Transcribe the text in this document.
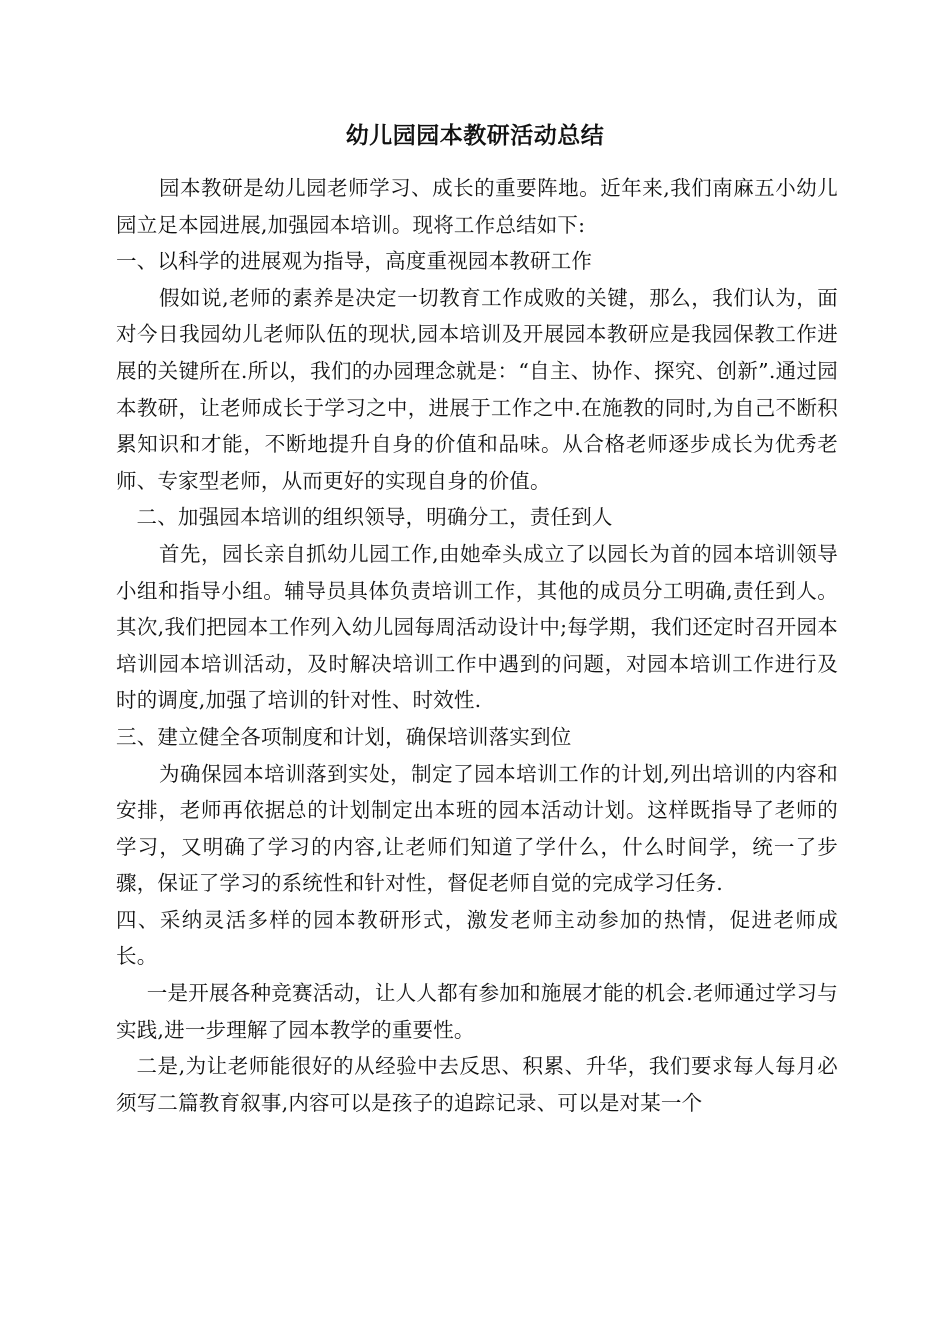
幼儿园园本教研活动总结

园本教研是幼儿园老师学习、成长的重要阵地。近年来,我们南麻五小幼儿园立足本园进展,加强园本培训。现将工作总结如下:

一、以科学的进展观为指导，高度重视园本教研工作

假如说,老师的素养是决定一切教育工作成败的关键，那么，我们认为，面对今日我园幼儿老师队伍的现状,园本培训及开展园本教研应是我园保教工作进展的关键所在.所以，我们的办园理念就是：“自主、协作、探究、创新”.通过园本教研，让老师成长于学习之中，进展于工作之中.在施教的同时,为自己不断积累知识和才能，不断地提升自身的价值和品味。从合格老师逐步成长为优秀老师、专家型老师，从而更好的实现自身的价值。

二、加强园本培训的组织领导，明确分工，责任到人

首先，园长亲自抓幼儿园工作,由她牵头成立了以园长为首的园本培训领导小组和指导小组。辅导员具体负责培训工作，其他的成员分工明确,责任到人。其次,我们把园本工作列入幼儿园每周活动设计中;每学期，我们还定时召开园本培训园本培训活动，及时解决培训工作中遇到的问题，对园本培训工作进行及时的调度,加强了培训的针对性、时效性.

三、建立健全各项制度和计划，确保培训落实到位

为确保园本培训落到实处，制定了园本培训工作的计划,列出培训的内容和安排，老师再依据总的计划制定出本班的园本活动计划。这样既指导了老师的学习，又明确了学习的内容,让老师们知道了学什么，什么时间学，统一了步骤，保证了学习的系统性和针对性，督促老师自觉的完成学习任务.

四、采纳灵活多样的园本教研形式，激发老师主动参加的热情，促进老师成长。

一是开展各种竞赛活动，让人人都有参加和施展才能的机会.老师通过学习与实践,进一步理解了园本教学的重要性。

二是,为让老师能很好的从经验中去反思、积累、升华，我们要求每人每月必须写二篇教育叙事,内容可以是孩子的追踪记录、可以是对某一个
